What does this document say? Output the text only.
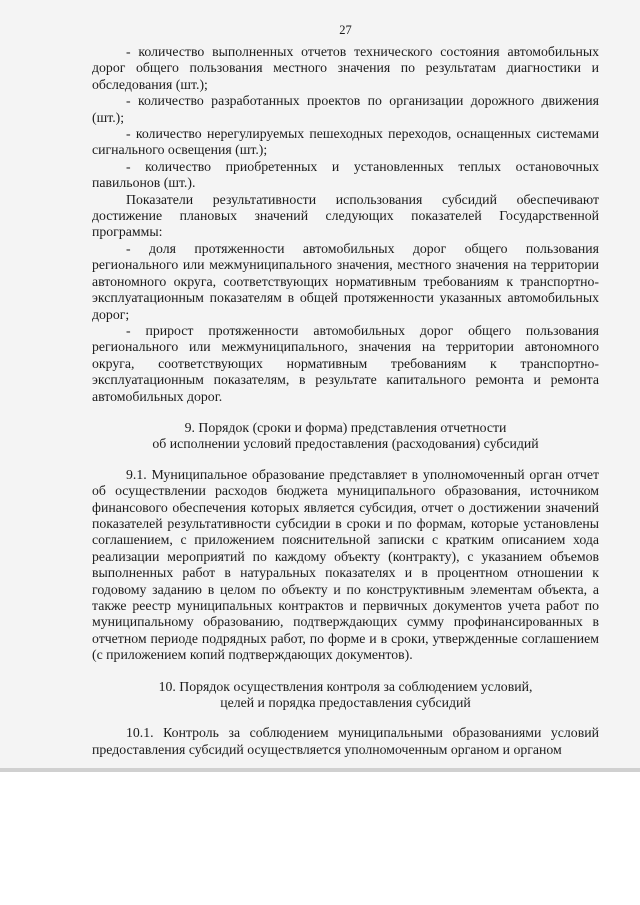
27

- количество выполненных отчетов технического состояния автомобильных дорог общего пользования местного значения по результатам диагностики и обследования (шт.);

- количество разработанных проектов по организации дорожного движения (шт.);

- количество нерегулируемых пешеходных переходов, оснащенных системами сигнального освещения (шт.);

- количество приобретенных и установленных теплых остановочных павильонов (шт.).

Показатели результативности использования субсидий обеспечивают достижение плановых значений следующих показателей Государственной программы:

- доля протяженности автомобильных дорог общего пользования регионального или межмуниципального значения, местного значения на территории автономного округа, соответствующих нормативным требованиям к транспортно-эксплуатационным показателям в общей протяженности указанных автомобильных дорог;

- прирост протяженности автомобильных дорог общего пользования регионального или межмуниципального, значения на территории автономного округа, соответствующих нормативным требованиям к транспортно-эксплуатационным показателям, в результате капитального ремонта и ремонта автомобильных дорог.

9. Порядок (сроки и форма) представления отчетности
об исполнении условий предоставления (расходования) субсидий

9.1. Муниципальное образование представляет в уполномоченный орган отчет об осуществлении расходов бюджета муниципального образования, источником финансового обеспечения которых является субсидия, отчет о достижении значений показателей результативности субсидии в сроки и по формам, которые установлены соглашением, с приложением пояснительной записки с кратким описанием хода реализации мероприятий по каждому объекту (контракту), с указанием объемов выполненных работ в натуральных показателях и в процентном отношении к годовому заданию в целом по объекту и по конструктивным элементам объекта, а также реестр муниципальных контрактов и первичных документов учета работ по муниципальному образованию, подтверждающих сумму профинансированных в отчетном периоде подрядных работ, по форме и в сроки, утвержденные соглашением (с приложением копий подтверждающих документов).

10. Порядок осуществления контроля за соблюдением условий,
целей и порядка предоставления субсидий

10.1. Контроль за соблюдением муниципальными образованиями условий предоставления субсидий осуществляется уполномоченным органом и органом
